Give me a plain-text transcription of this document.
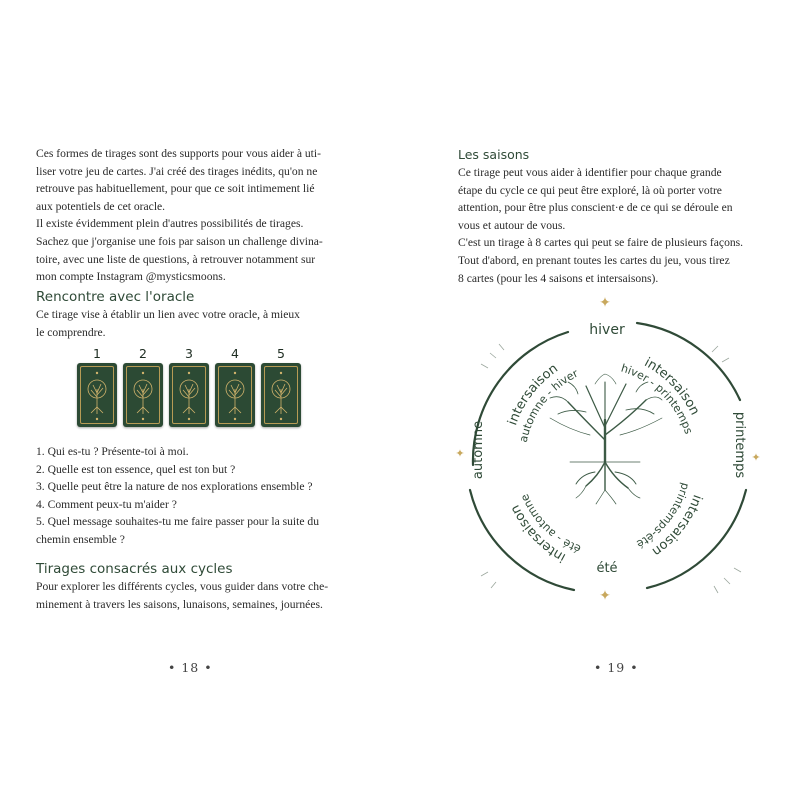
Ces formes de tirages sont des supports pour vous aider à uti-
liser votre jeu de cartes. J'ai créé des tirages inédits, qu'on ne
retrouve pas habituellement, pour que ce soit intimement lié
aux potentiels de cet oracle.
Il existe évidemment plein d'autres possibilités de tirages.
Sachez que j'organise une fois par saison un challenge divina-
toire, avec une liste de questions, à retrouver notamment sur
mon compte Instagram @mysticsmoons.
Rencontre avec l'oracle
Ce tirage vise à établir un lien avec votre oracle, à mieux
le comprendre.
1	2	3	4	5
1. Qui es-tu ? Présente-toi à moi.
2. Quelle est ton essence, quel est ton but ?
3. Quelle peut être la nature de nos explorations ensemble ?
4. Comment peux-tu m'aider ?
5. Quel message souhaites-tu me faire passer pour la suite du
chemin ensemble ?
Tirages consacrés aux cycles
Pour explorer les différents cycles, vous guider dans votre che-
minement à travers les saisons, lunaisons, semaines, journées.
• 18 •
Les saisons
Ce tirage peut vous aider à identifier pour chaque grande
étape du cycle ce qui peut être exploré, là où porter votre
attention, pour être plus conscient·e de ce qui se déroule en
vous et autour de vous.
C'est un tirage à 8 cartes qui peut se faire de plusieurs façons.
Tout d'abord, en prenant toutes les cartes du jeu, vous tirez
8 cartes (pour les 4 saisons et intersaisons).
✦
✦
✦	✦
hiver
été
printemps
automne intersaison
automne - hiver
intersaison
hiver - printemps
intersaison
printemps-été
intersaison
été - automne
• 19 •
